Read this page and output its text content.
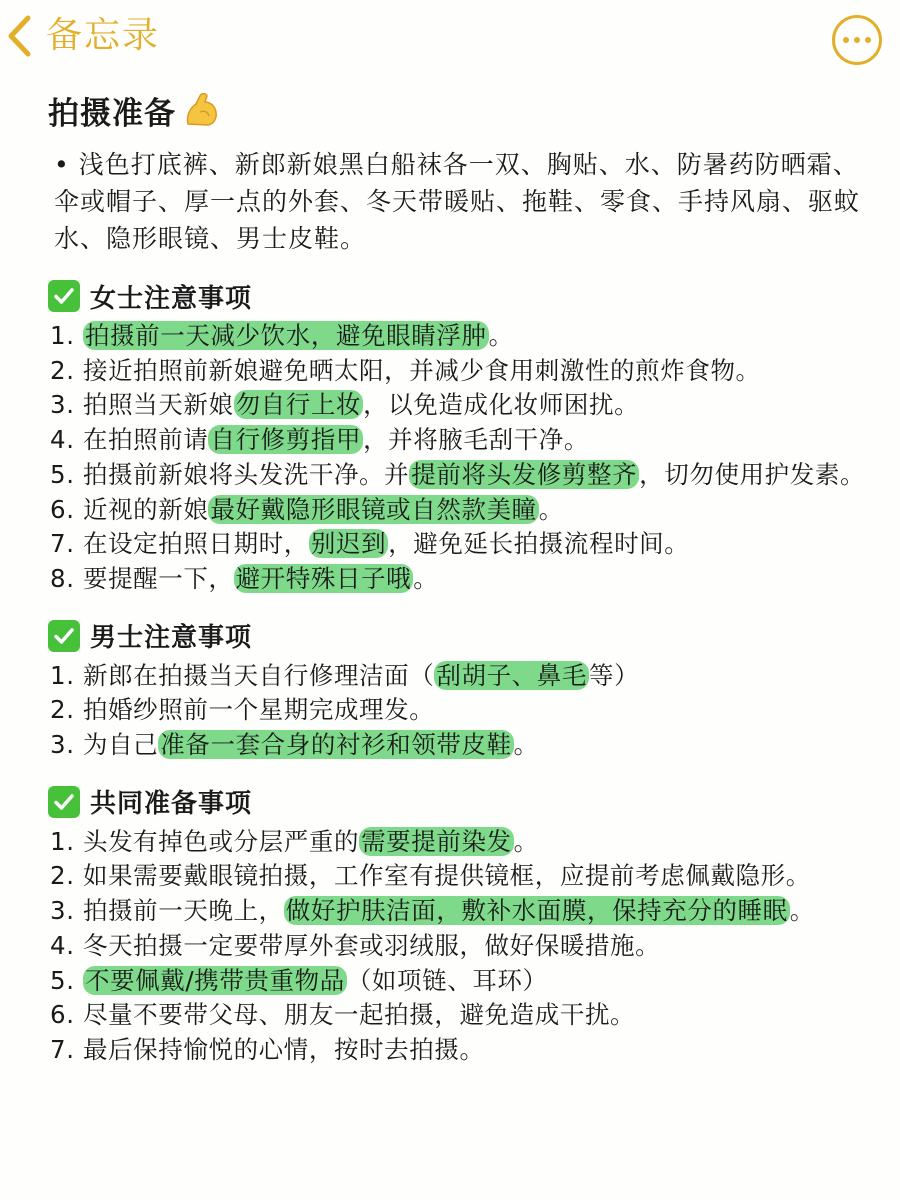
备忘录
拍摄准备
• 浅色打底裤、新郎新娘黑白船袜各一双、胸贴、水、防暑药防晒霜、伞或帽子、厚一点的外套、冬天带暖贴、拖鞋、零食、手持风扇、驱蚊水、隐形眼镜、男士皮鞋。
女士注意事项
1. 拍摄前一天减少饮水，避免眼睛浮肿。
2. 接近拍照前新娘避免晒太阳，并减少食用刺激性的煎炸食物。
3. 拍照当天新娘勿自行上妆，以免造成化妆师困扰。
4. 在拍照前请自行修剪指甲，并将腋毛刮干净。
5. 拍摄前新娘将头发洗干净。并提前将头发修剪整齐，切勿使用护发素。
6. 近视的新娘最好戴隐形眼镜或自然款美瞳。
7. 在设定拍照日期时，别迟到，避免延长拍摄流程时间。
8. 要提醒一下，避开特殊日子哦。
男士注意事项
1. 新郎在拍摄当天自行修理洁面（刮胡子、鼻毛等）
2. 拍婚纱照前一个星期完成理发。
3. 为自己准备一套合身的衬衫和领带皮鞋。
共同准备事项
1. 头发有掉色或分层严重的需要提前染发。
2. 如果需要戴眼镜拍摄，工作室有提供镜框，应提前考虑佩戴隐形。
3. 拍摄前一天晚上，做好护肤洁面，敷补水面膜，保持充分的睡眠。
4. 冬天拍摄一定要带厚外套或羽绒服，做好保暖措施。
5. 不要佩戴/携带贵重物品（如项链、耳环）
6. 尽量不要带父母、朋友一起拍摄，避免造成干扰。
7. 最后保持愉悦的心情，按时去拍摄。
